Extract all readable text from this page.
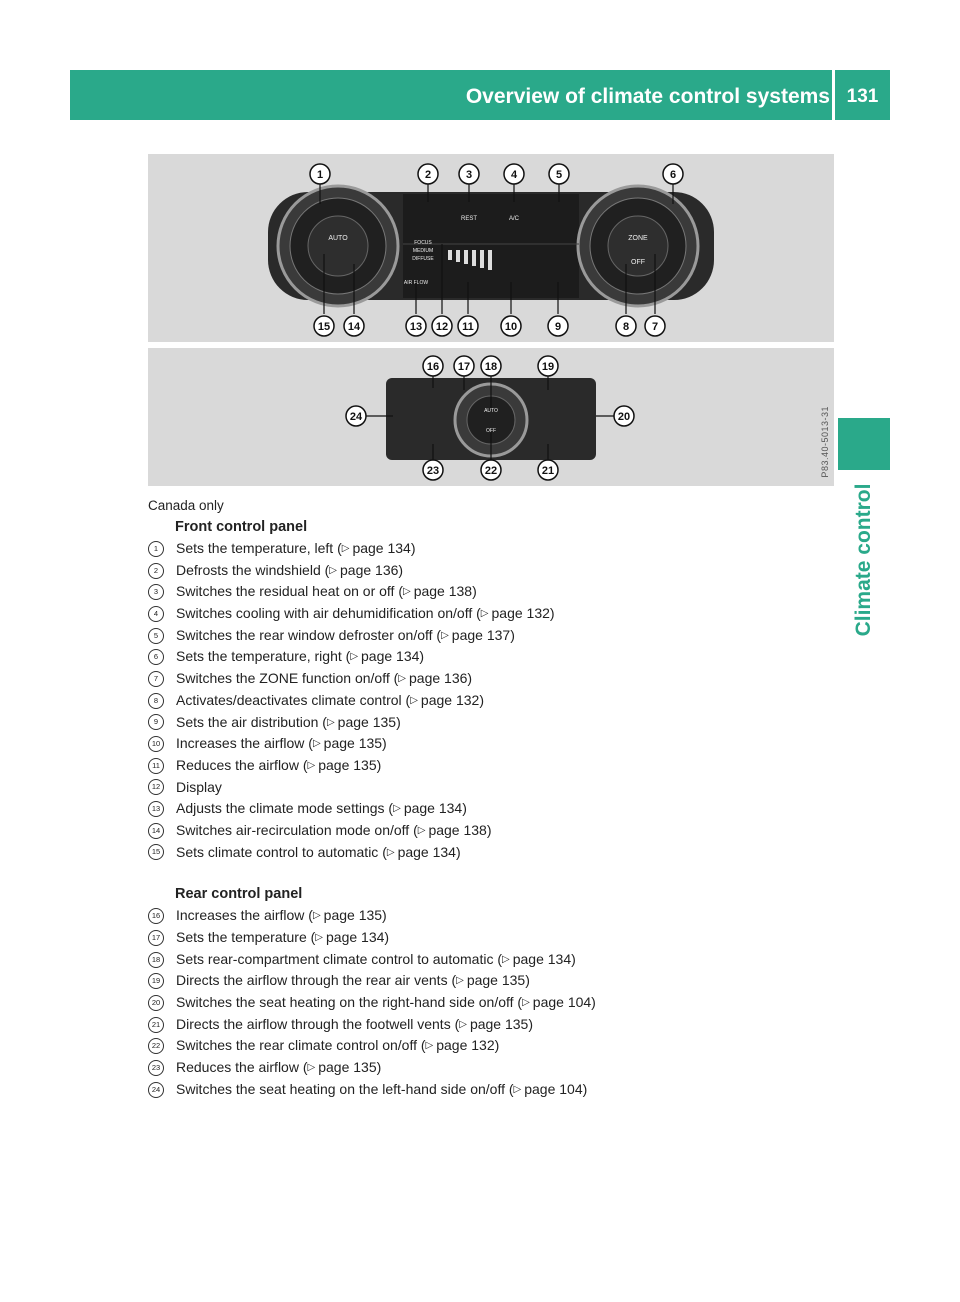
Overview of climate control systems 131
Climate control
1	2	3	4	5	6
15 14	13 12 11	10	9	8 7
AUTO	ZONE
OFF
REST	A/C
AIR FLOW
FOCUS
MEDIUM
DIFFUSE
16 17 18	19
24	20
23	22	21
AUTO
OFF	P83.40-5013-31
Canada only
Front control panel
1	Sets the temperature, left ( ▷ page 134)
2	Defrosts the windshield ( ▷ page 136)
3	Switches the residual heat on or off ( ▷ page 138)
4	Switches cooling with air dehumidification on/off ( ▷ page 132)
5	Switches the rear window defroster on/off ( ▷ page 137)
6	Sets the temperature, right ( ▷ page 134)
7	Switches the ZONE function on/off ( ▷ page 136)
8	Activates/deactivates climate control ( ▷ page 132)
9	Sets the air distribution ( ▷ page 135)
10 Increases the airflow ( ▷ page 135)
11 Reduces the airflow ( ▷ page 135)
12 Display
13 Adjusts the climate mode settings ( ▷ page 134)
14 Switches air-recirculation mode on/off ( ▷ page 138)
15 Sets climate control to automatic ( ▷ page 134)
Rear control panel
16 Increases the airflow ( ▷ page 135)
17 Sets the temperature ( ▷ page 134)
18 Sets rear-compartment climate control to automatic ( ▷ page 134)
19 Directs the airflow through the rear air vents ( ▷ page 135)
20 Switches the seat heating on the right-hand side on/off ( ▷ page 104)
21 Directs the airflow through the footwell vents ( ▷ page 135)
22 Switches the rear climate control on/off ( ▷ page 132)
23 Reduces the airflow ( ▷ page 135)
24 Switches the seat heating on the left-hand side on/off ( ▷ page 104)
